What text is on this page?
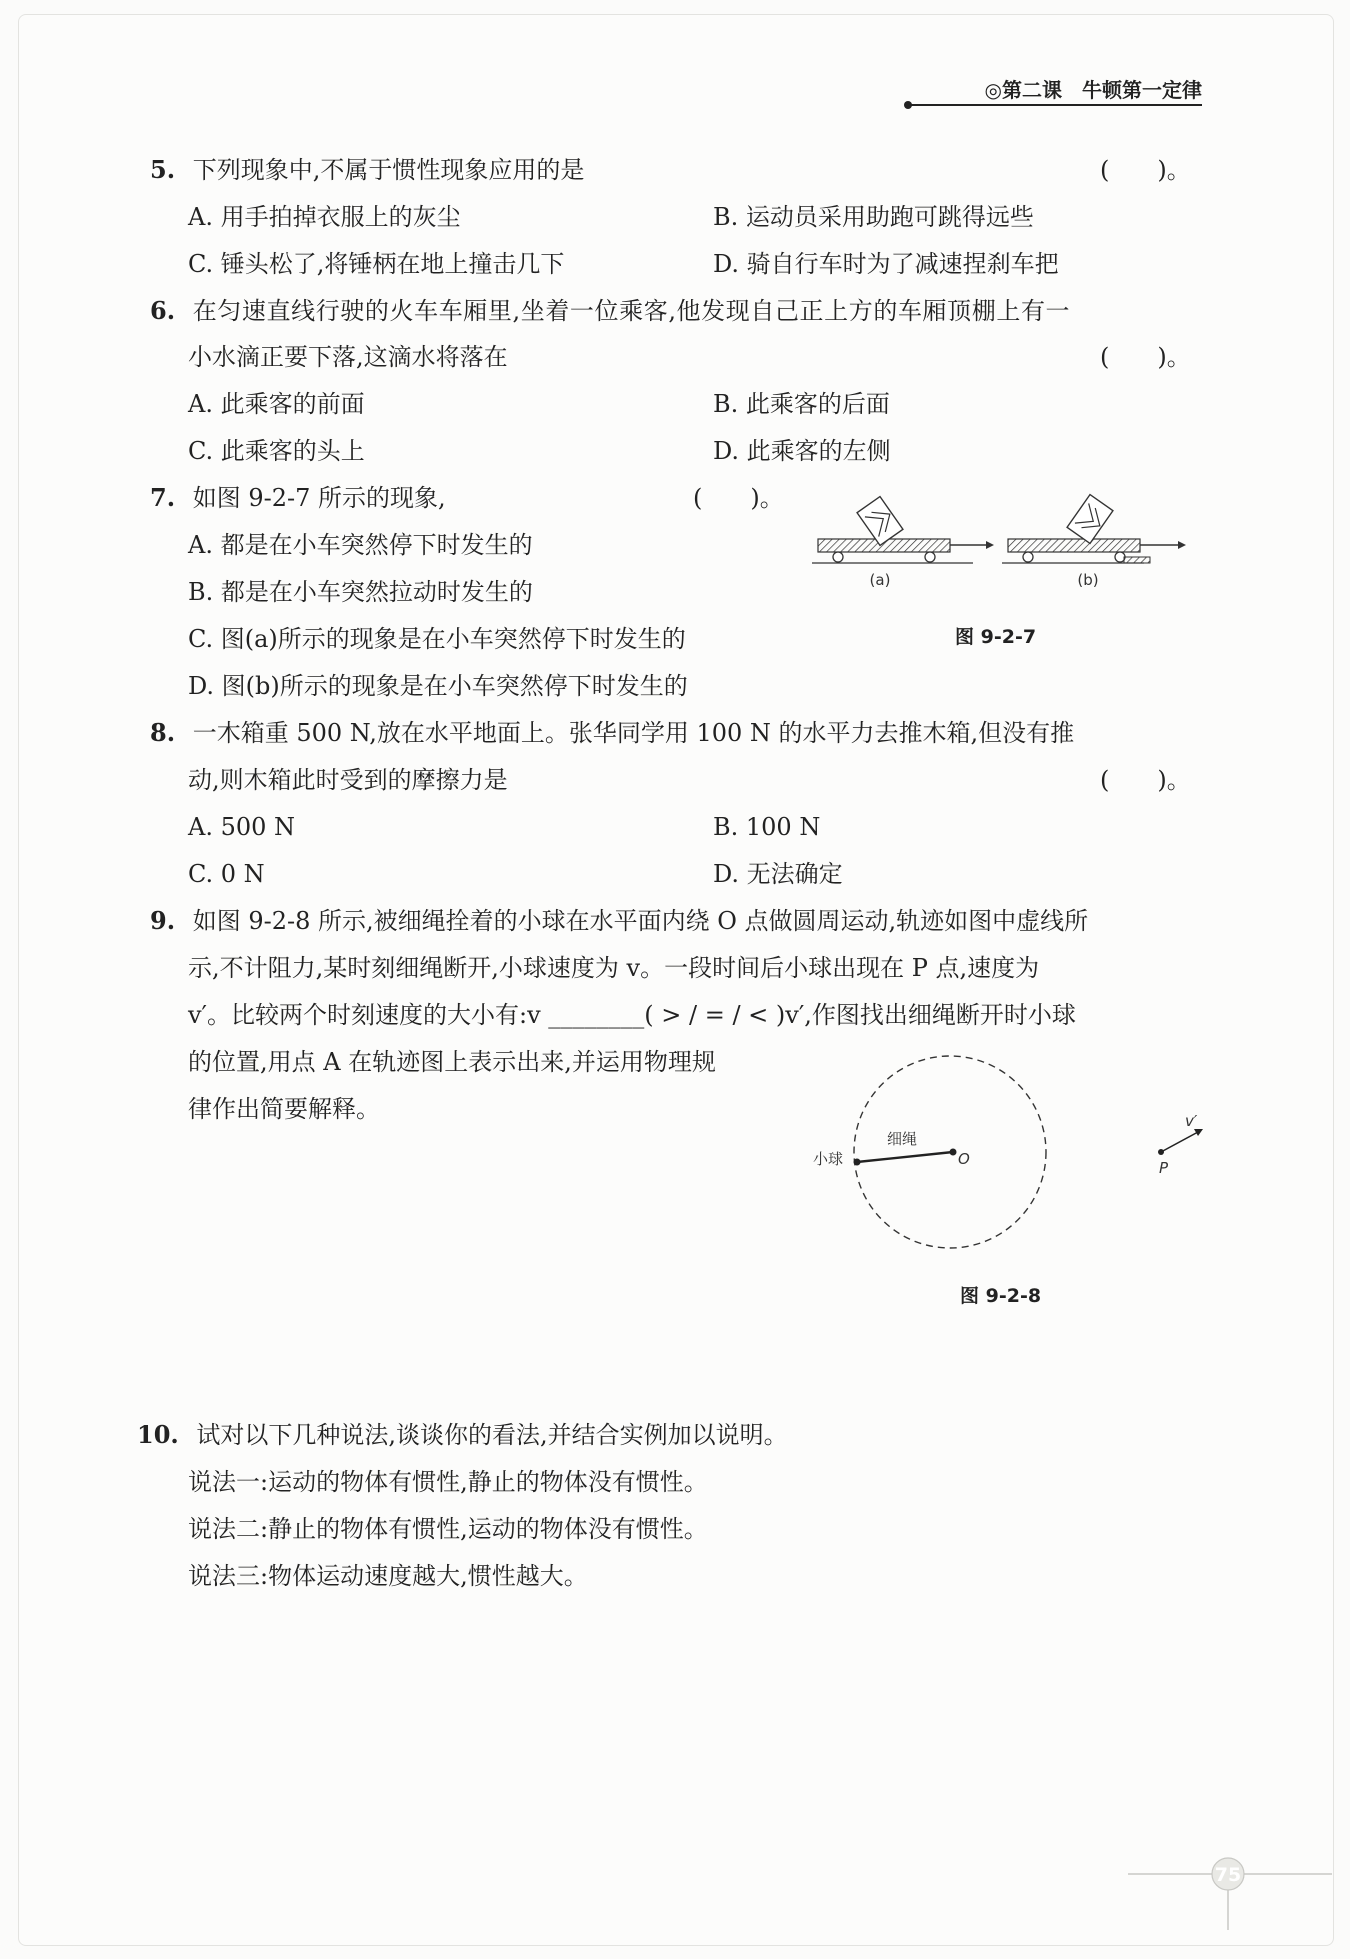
◎第二课　牛顿第一定律
5. 下列现象中,不属于惯性现象应用的是	(　　)。
A. 用手拍掉衣服上的灰尘	B. 运动员采用助跑可跳得远些
C. 锤头松了,将锤柄在地上撞击几下	D. 骑自行车时为了减速捏刹车把
6. 在匀速直线行驶的火车车厢里,坐着一位乘客,他发现自己正上方的车厢顶棚上有一
小水滴正要下落,这滴水将落在	(　　)。
A. 此乘客的前面	B. 此乘客的后面
C. 此乘客的头上	D. 此乘客的左侧
7. 如图 9-2-7 所示的现象,	(　　)。
A. 都是在小车突然停下时发生的
B. 都是在小车突然拉动时发生的
C. 图(a)所示的现象是在小车突然停下时发生的
D. 图(b)所示的现象是在小车突然停下时发生的
(a)	(b)
图 9-2-7
8. 一木箱重 500 N,放在水平地面上。张华同学用 100 N 的水平力去推木箱,但没有推
动,则木箱此时受到的摩擦力是	(　　)。
A. 500 N	B. 100 N
C. 0 N	D. 无法确定
9. 如图 9-2-8 所示,被细绳拴着的小球在水平面内绕 O 点做圆周运动,轨迹如图中虚线所
示,不计阻力,某时刻细绳断开,小球速度为 v。一段时间后小球出现在 P 点,速度为
v′。比较两个时刻速度的大小有:v ________( > / = / < )v′,作图找出细绳断开时小球
的位置,用点 A 在轨迹图上表示出来,并运用物理规
律作出简要解释。
小球
细绳
O	P
v′
图 9-2-8
10. 试对以下几种说法,谈谈你的看法,并结合实例加以说明。
说法一:运动的物体有惯性,静止的物体没有惯性。
说法二:静止的物体有惯性,运动的物体没有惯性。
说法三:物体运动速度越大,惯性越大。
75
